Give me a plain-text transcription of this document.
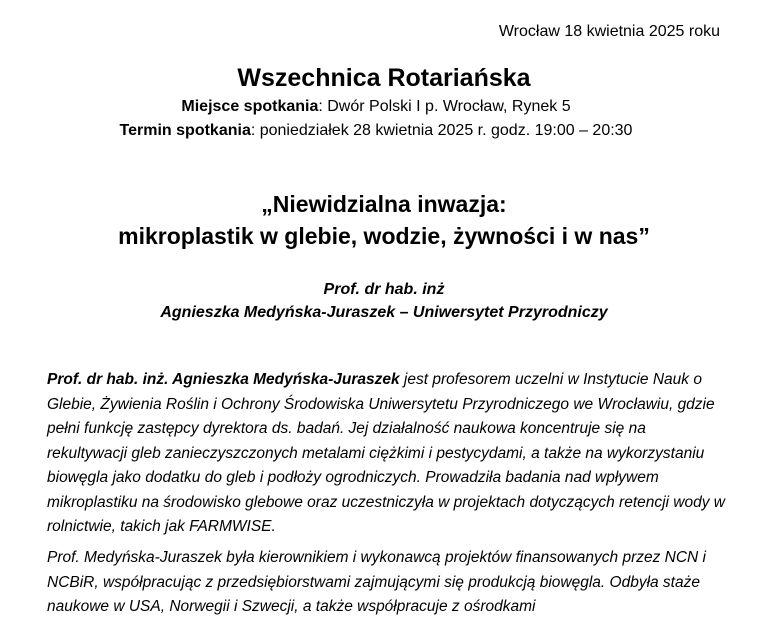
Wrocław 18 kwietnia 2025 roku
Wszechnica Rotariańska
Miejsce spotkania: Dwór Polski I p. Wrocław, Rynek 5
Termin spotkania: poniedziałek 28 kwietnia 2025 r. godz. 19:00 – 20:30
„Niewidzialna inwazja:
mikroplastik w glebie, wodzie, żywności i w nas”
Prof. dr hab. inż
Agnieszka Medyńska-Juraszek – Uniwersytet Przyrodniczy

Prof. dr hab. inż. Agnieszka Medyńska-Juraszek jest profesorem uczelni w Instytucie Nauk o Glebie, Żywienia Roślin i Ochrony Środowiska Uniwersytetu Przyrodniczego we Wrocławiu, gdzie pełni funkcję zastępcy dyrektora ds. badań. Jej działalność naukowa koncentruje się na rekultywacji gleb zanieczyszczonych metalami ciężkimi i pestycydami, a także na wykorzystaniu biowęgla jako dodatku do gleb i podłoży ogrodniczych. Prowadziła badania nad wpływem mikroplastiku na środowisko glebowe oraz uczestniczyła w projektach dotyczących retencji wody w rolnictwie, takich jak FARMWISE.

Prof. Medyńska-Juraszek była kierownikiem i wykonawcą projektów finansowanych przez NCN i NCBiR, współpracując z przedsiębiorstwami zajmującymi się produkcją biowęgla. Odbyła staże naukowe w USA, Norwegii i Szwecji, a także współpracuje z ośrodkami
